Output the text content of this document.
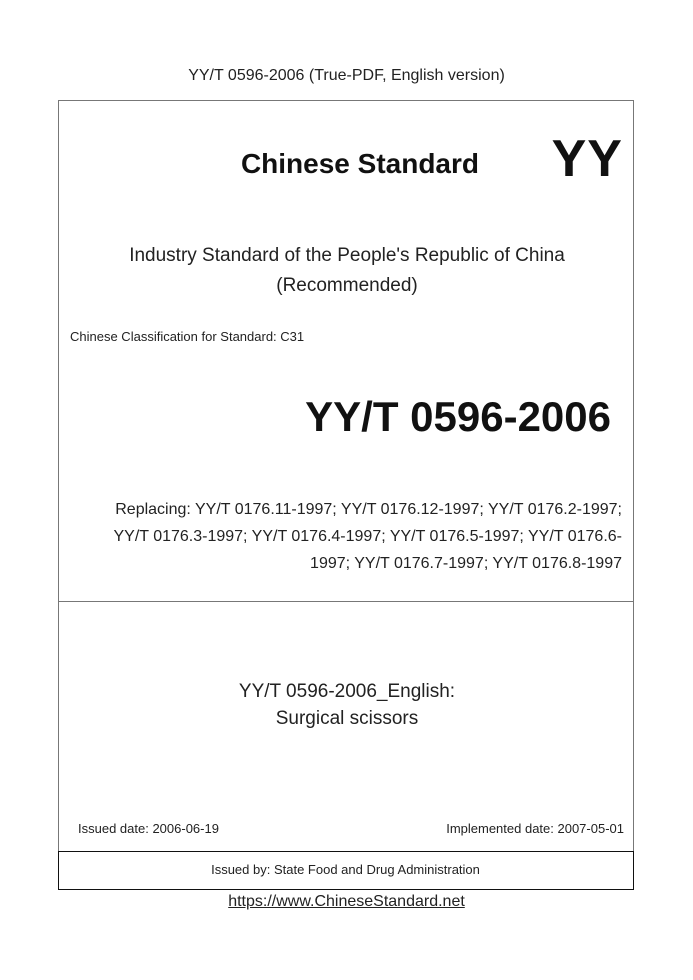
YY/T 0596-2006 (True-PDF, English version)
Chinese Standard YY
Industry Standard of the People's Republic of China
(Recommended)
Chinese Classification for Standard: C31
YY/T 0596-2006
Replacing: YY/T 0176.11-1997; YY/T 0176.12-1997; YY/T 0176.2-1997;
YY/T 0176.3-1997; YY/T 0176.4-1997; YY/T 0176.5-1997; YY/T 0176.6-
1997; YY/T 0176.7-1997; YY/T 0176.8-1997
YY/T 0596-2006_English:
Surgical scissors
Issued date: 2006-06-19	Implemented date: 2007-05-01
Issued by: State Food and Drug Administration
https://www.ChineseStandard.net
